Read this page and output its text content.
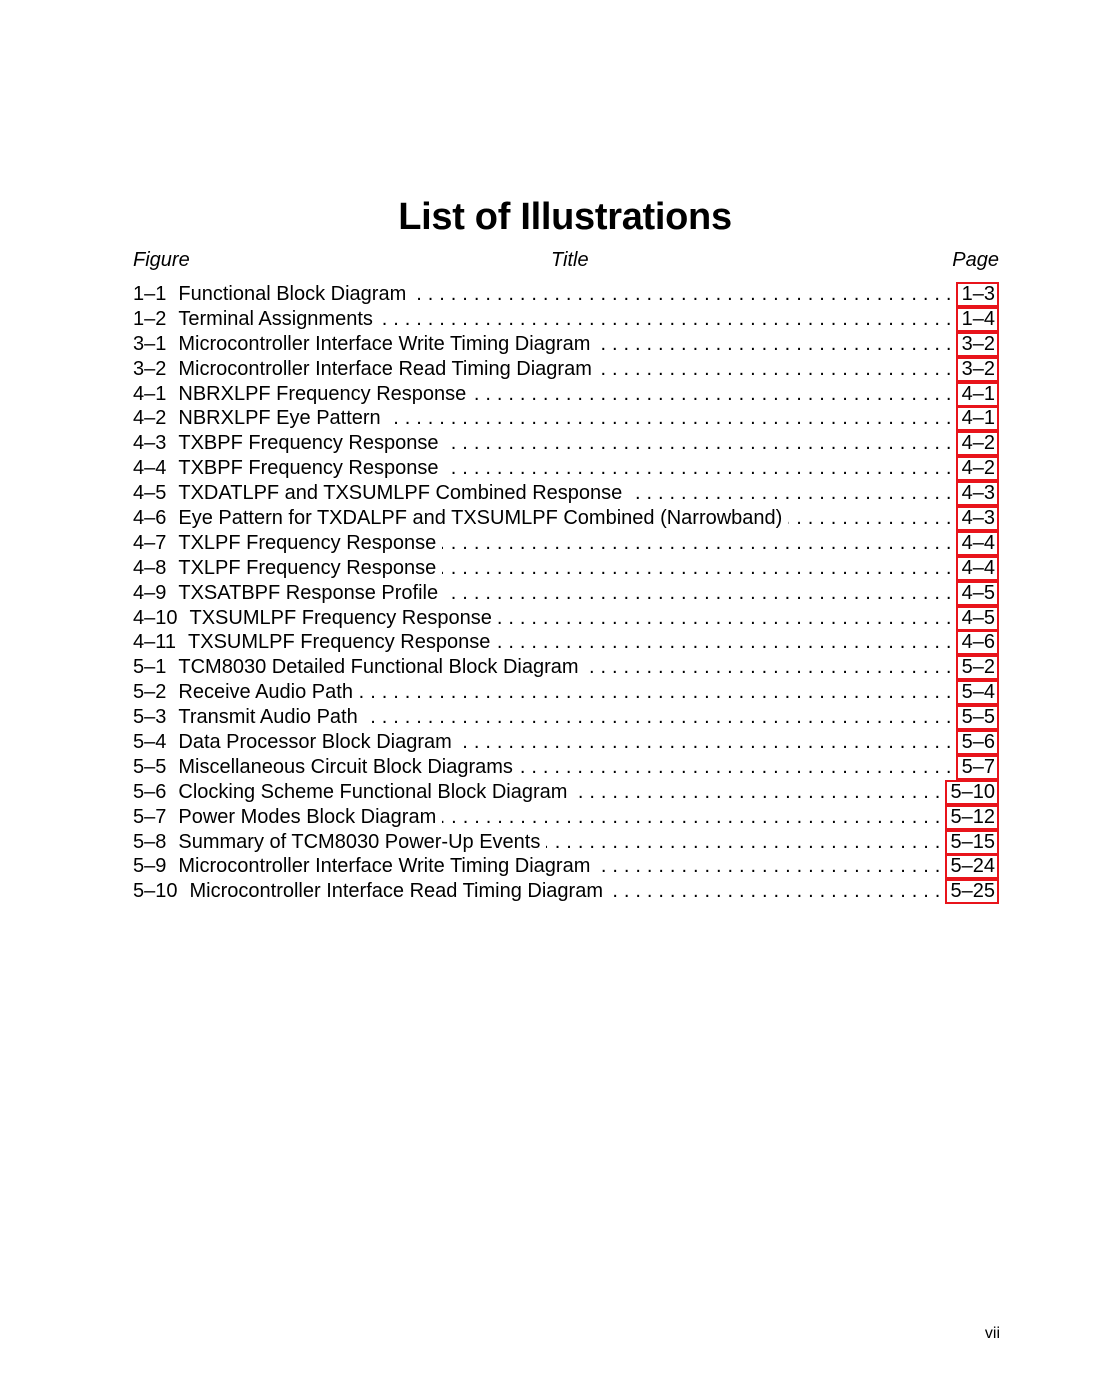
List of Illustrations
Figure	Title	Page
1–1 Functional Block Diagram . . .	1–3
1–2 Terminal Assignments . . .	1–4
3–1 Microcontroller Interface Write Timing Diagram . . .	3–2
3–2 Microcontroller Interface Read Timing Diagram . . .	3–2
4–1 NBRXLPF Frequency Response . . .	4–1
4–2 NBRXLPF Eye Pattern . . .	4–1
4–3 TXBPF Frequency Response . . .	4–2
4–4 TXBPF Frequency Response . . .	4–2
4–5 TXDATLPF and TXSUMLPF Combined Response . . .	4–3
4–6 Eye Pattern for TXDALPF and TXSUMLPF Combined (Narrowband) . . .	4–3
4–7 TXLPF Frequency Response . . .	4–4
4–8 TXLPF Frequency Response . . .	4–4
4–9 TXSATBPF Response Profile . . .	4–5
4–10 TXSUMLPF Frequency Response . . .	4–5
4–11 TXSUMLPF Frequency Response . . .	4–6
5–1 TCM8030 Detailed Functional Block Diagram . . .	5–2
5–2 Receive Audio Path . . .	5–4
5–3 Transmit Audio Path . . .	5–5
5–4 Data Processor Block Diagram . . .	5–6
5–5 Miscellaneous Circuit Block Diagrams . . .	5–7
5–6 Clocking Scheme Functional Block Diagram . . .	5–10
5–7 Power Modes Block Diagram . . .	5–12
5–8 Summary of TCM8030 Power-Up Events . . .	5–15
5–9 Microcontroller Interface Write Timing Diagram . . .	5–24
5–10 Microcontroller Interface Read Timing Diagram . . .	5–25
vii
